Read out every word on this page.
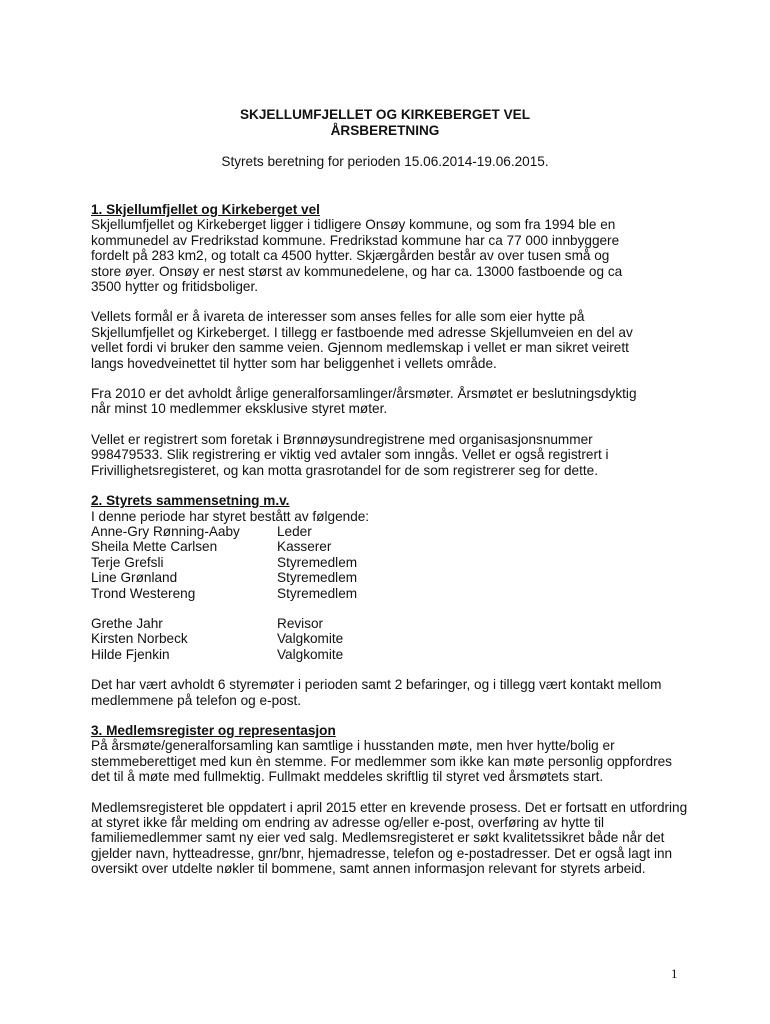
SKJELLUMFJELLET OG KIRKEBERGET VEL
ÅRSBERETNING
Styrets beretning for perioden 15.06.2014-19.06.2015.

1. Skjellumfjellet og Kirkeberget vel

Skjellumfjellet og Kirkeberget ligger i tidligere Onsøy kommune, og som fra 1994 ble en
kommunedel av Fredrikstad kommune. Fredrikstad kommune har ca 77 000 innbyggere
fordelt på 283 km2, og totalt ca 4500 hytter. Skjærgården består av over tusen små og
store øyer. Onsøy er nest størst av kommunedelene, og har ca. 13000 fastboende og ca
3500 hytter og fritidsboliger.

Vellets formål er å ivareta de interesser som anses felles for alle som eier hytte på
Skjellumfjellet og Kirkeberget. I tillegg er fastboende med adresse Skjellumveien en del av
vellet fordi vi bruker den samme veien. Gjennom medlemskap i vellet er man sikret veirett
langs hovedveinettet til hytter som har beliggenhet i vellets område.

Fra 2010 er det avholdt årlige generalforsamlinger/årsmøter. Årsmøtet er beslutningsdyktig
når minst 10 medlemmer eksklusive styret møter.

Vellet er registrert som foretak i Brønnøysundregistrene med organisasjonsnummer
998479533. Slik registrering er viktig ved avtaler som inngås. Vellet er også registrert i
Frivillighetsregisteret, og kan motta grasrotandel for de som registrerer seg for dette.

2. Styrets sammensetning m.v.

I denne periode har styret bestått av følgende:

Anne-Gry Rønning-Aaby	Leder
Sheila Mette Carlsen	Kasserer
Terje Grefsli	Styremedlem
Line Grønland	Styremedlem
Trond Westereng	Styremedlem
Grethe Jahr	Revisor
Kirsten Norbeck	Valgkomite
Hilde Fjenkin	Valgkomite

Det har vært avholdt 6 styremøter i perioden samt 2 befaringer, og i tillegg vært kontakt mellom
medlemmene på telefon og e-post.

3. Medlemsregister og representasjon

På årsmøte/generalforsamling kan samtlige i husstanden møte, men hver hytte/bolig er
stemmeberettiget med kun èn stemme. For medlemmer som ikke kan møte personlig oppfordres
det til å møte med fullmektig. Fullmakt meddeles skriftlig til styret ved årsmøtets start.

Medlemsregisteret ble oppdatert i april 2015 etter en krevende prosess. Det er fortsatt en utfordring
at styret ikke får melding om endring av adresse og/eller e-post, overføring av hytte til
familiemedlemmer samt ny eier ved salg. Medlemsregisteret er søkt kvalitetssikret både når det
gjelder navn, hytteadresse, gnr/bnr, hjemadresse, telefon og e-postadresser. Det er også lagt inn
oversikt over utdelte nøkler til bommene, samt annen informasjon relevant for styrets arbeid.

1
